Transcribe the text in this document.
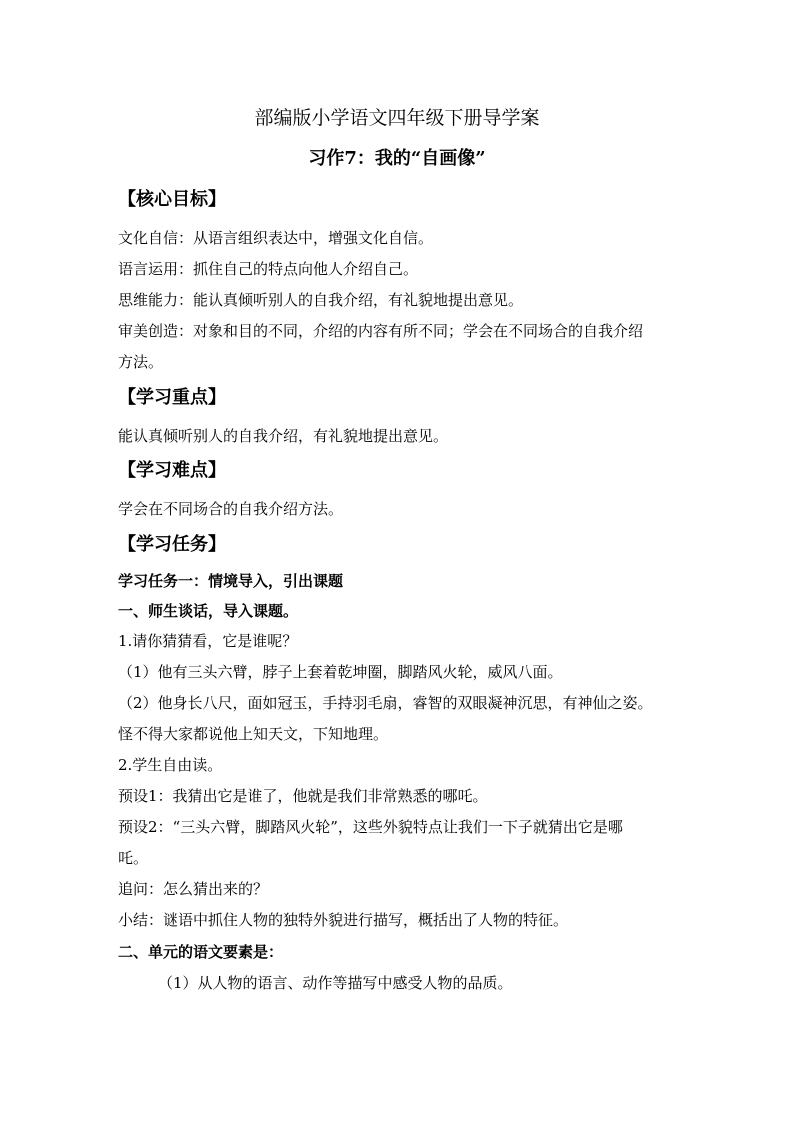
部编版小学语文四年级下册导学案
习作7：我的“自画像”
【核心目标】
文化自信：从语言组织表达中，增强文化自信。
语言运用：抓住自己的特点向他人介绍自己。
思维能力：能认真倾听别人的自我介绍，有礼貌地提出意见。
审美创造：对象和目的不同，介绍的内容有所不同；学会在不同场合的自我介绍
方法。
【学习重点】
能认真倾听别人的自我介绍，有礼貌地提出意见。
【学习难点】
学会在不同场合的自我介绍方法。
【学习任务】
学习任务一：情境导入，引出课题
一、师生谈话，导入课题。
1.请你猜猜看，它是谁呢？
（1）他有三头六臂，脖子上套着乾坤圈，脚踏风火轮，威风八面。
（2）他身长八尺，面如冠玉，手持羽毛扇，睿智的双眼凝神沉思，有神仙之姿。
怪不得大家都说他上知天文，下知地理。
2.学生自由读。
预设1：我猜出它是谁了，他就是我们非常熟悉的哪吒。
预设2：“三头六臂，脚踏风火轮”，这些外貌特点让我们一下子就猜出它是哪
吒。
追问：怎么猜出来的？
小结：谜语中抓住人物的独特外貌进行描写，概括出了人物的特征。
二、单元的语文要素是：
（1）从人物的语言、动作等描写中感受人物的品质。
